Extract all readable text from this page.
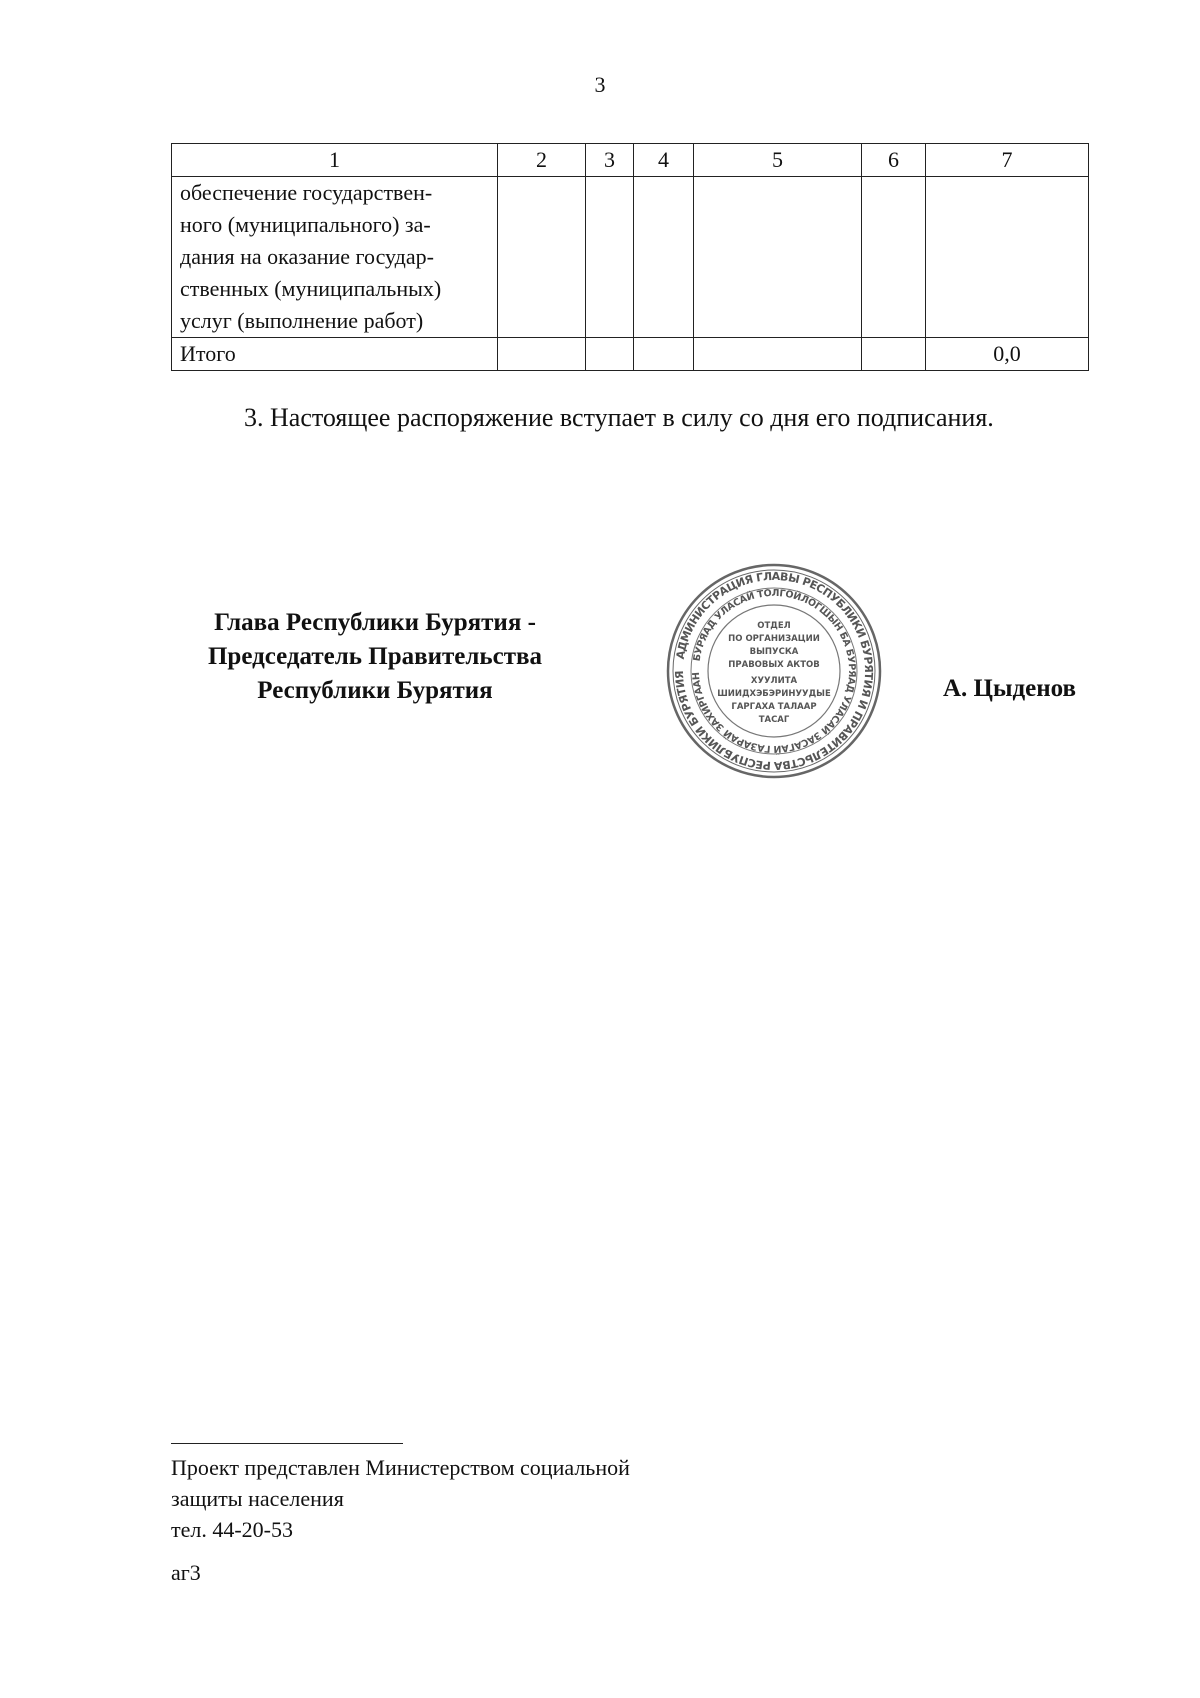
3
1	2	3	4	5	6	7

обеспечение государствен-
ного (муниципального) за-
дания на оказание государ-
ственных (муниципальных)
услуг (выполнение работ)						

Итого						0,0
3. Настоящее распоряжение вступает в силу со дня его подписания.
Глава Республики Бурятия -
Председатель Правительства
Республики Бурятия
АДМИНИСТРАЦИЯ ГЛАВЫ РЕСПУБЛИКИ БУРЯТИЯ И ПРАВИТЕЛЬСТВА РЕСПУБЛИКИ БУРЯТИЯ
БУРЯАД УЛАСАЙ ТОЛГОЙЛОГШЫН БА БУРЯАД УЛАСАЙ ЗАСАГАЙ ГАЗАРАЙ ЗАХИРГААН
ОТДЕЛ
ПО ОРГАНИЗАЦИИ
ВЫПУСКА
ПРАВОВЫХ АКТОВ
ХУУЛИТА
ШИИДХЭБЭРИНУУДЫЕ
ГАРГАХА ТАЛААР
ТАСАГ
А. Цыденов
Проект представлен Министерством социальной
защиты населения
тел. 44-20-53
аг3
